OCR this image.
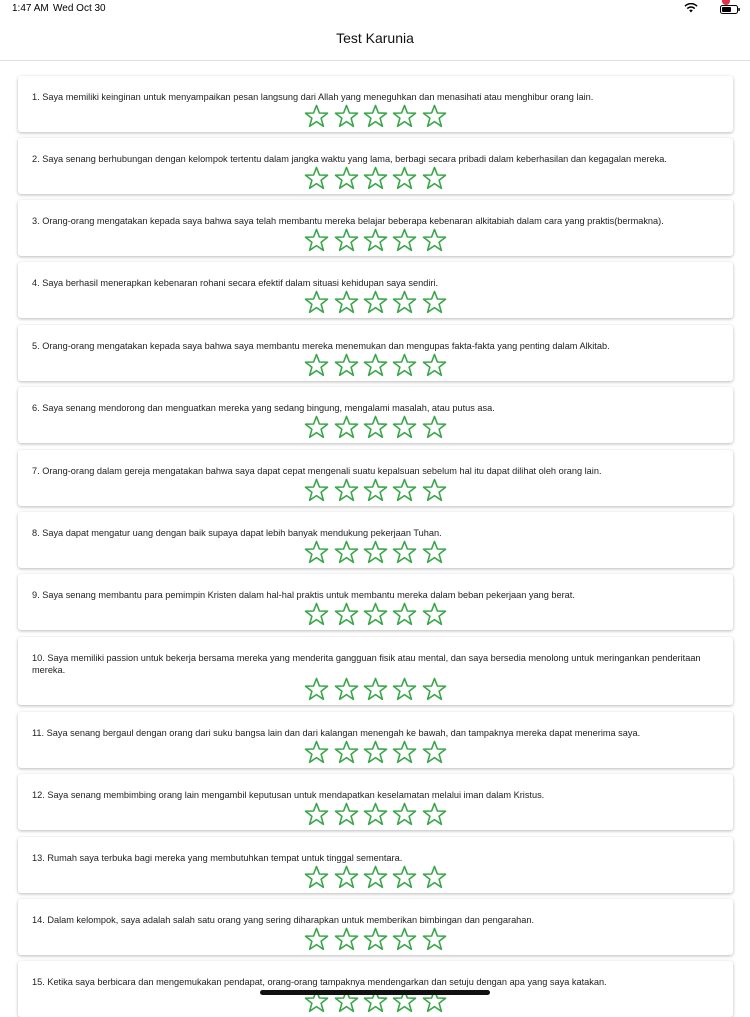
1:47 AM Wed Oct 30
Test Karunia
1. Saya memiliki keinginan untuk menyampaikan pesan langsung dari Allah yang meneguhkan dan menasihati atau menghibur orang lain.
2. Saya senang berhubungan dengan kelompok tertentu dalam jangka waktu yang lama, berbagi secara pribadi dalam keberhasilan dan kegagalan mereka.
3. Orang-orang mengatakan kepada saya bahwa saya telah membantu mereka belajar beberapa kebenaran alkitabiah dalam cara yang praktis(bermakna).
4. Saya berhasil menerapkan kebenaran rohani secara efektif dalam situasi kehidupan saya sendiri.
5. Orang-orang mengatakan kepada saya bahwa saya membantu mereka menemukan dan mengupas fakta-fakta yang penting dalam Alkitab.
6. Saya senang mendorong dan menguatkan mereka yang sedang bingung, mengalami masalah, atau putus asa.
7. Orang-orang dalam gereja mengatakan bahwa saya dapat cepat mengenali suatu kepalsuan sebelum hal itu dapat dilihat oleh orang lain.
8. Saya dapat mengatur uang dengan baik supaya dapat lebih banyak mendukung pekerjaan Tuhan.
9. Saya senang membantu para pemimpin Kristen dalam hal-hal praktis untuk membantu mereka dalam beban pekerjaan yang berat.
10. Saya memiliki passion untuk bekerja bersama mereka yang menderita gangguan fisik atau mental, dan saya bersedia menolong untuk meringankan penderitaan mereka.
11. Saya senang bergaul dengan orang dari suku bangsa lain dan dari kalangan menengah ke bawah, dan tampaknya mereka dapat menerima saya.
12. Saya senang membimbing orang lain mengambil keputusan untuk mendapatkan keselamatan melalui iman dalam Kristus.
13. Rumah saya terbuka bagi mereka yang membutuhkan tempat untuk tinggal sementara.
14. Dalam kelompok, saya adalah salah satu orang yang sering diharapkan untuk memberikan bimbingan dan pengarahan.
15. Ketika saya berbicara dan mengemukakan pendapat, orang-orang tampaknya mendengarkan dan setuju dengan apa yang saya katakan.
